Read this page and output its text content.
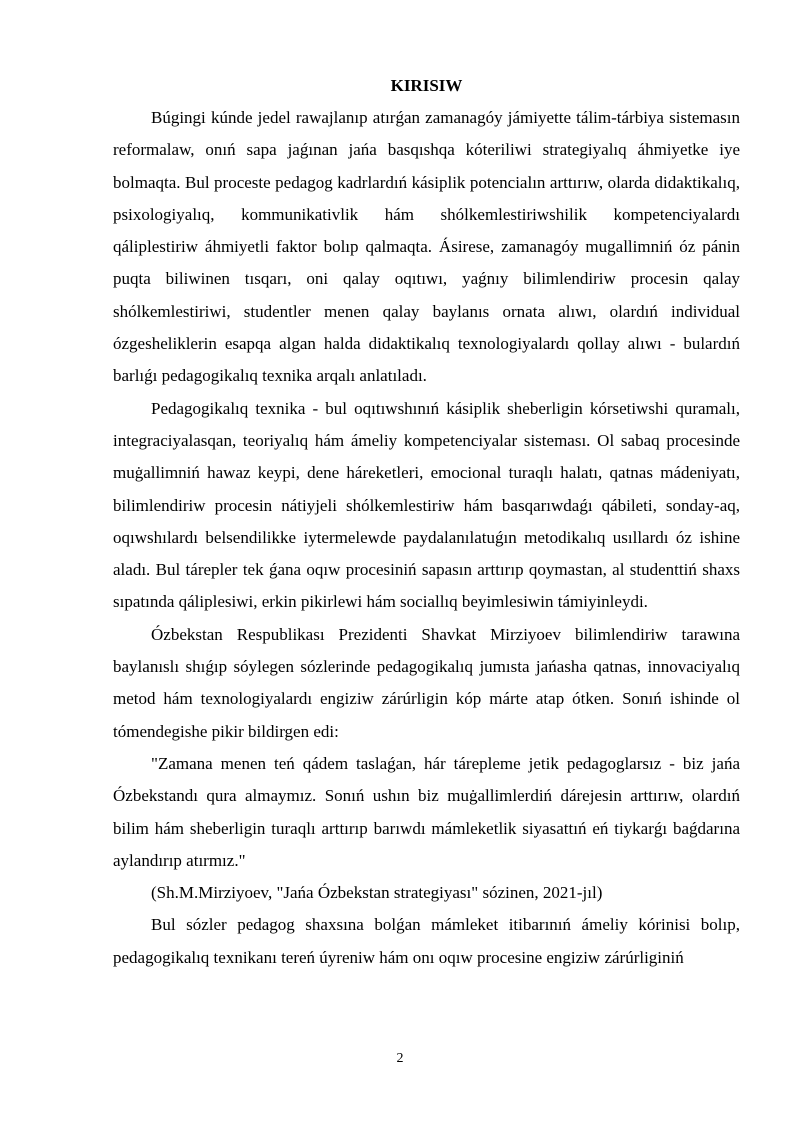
KIRISIW

Búgingi kúnde jedel rawajlanıp atırǵan zamanagóy jámiyette tálim-tárbiya sistemasın reformalaw, onıń sapa jaǵınan jańa basqıshqa kóteriliwi strategiyalıq áhmiyetke iye bolmaqta. Bul proceste pedagog kadrlardıń kásiplik potencialın arttırıw, olarda didaktikalıq, psixologiyalıq, kommunikativlik hám shólkemlestiriwshilik kompetenciyalardı qáliplestiriw áhmiyetli faktor bolıp qalmaqta. Ásirese, zamanagóy mugallimniń óz pánin puqta biliwinen tısqarı, oni qalay oqıtıwı, yaǵnıy bilimlendiriw procesin qalay shólkemlestiriwi, studentler menen qalay baylanıs ornata alıwı, olardıń individual ózgesheliklerin esapqa algan halda didaktikalıq texnologiyalardı qollay alıwı - bulardıń barlıǵı pedagogikalıq texnika arqalı anlatıladı.

Pedagogikalıq texnika - bul oqıtıwshınıń kásiplik sheberligin kórsetiwshi quramalı, integraciyalasqan, teoriyalıq hám ámeliy kompetenciyalar sisteması. Ol sabaq procesinde muġallimniń hawaz keypi, dene háreketleri, emocional turaqlı halatı, qatnas mádeniyatı, bilimlendiriw procesin nátiyjeli shólkemlestiriw hám basqarıwdaǵı qábileti, sonday-aq, oqıwshılardı belsendilikke iytermelewde paydalanılatuǵın metodikalıq usıllardı óz ishine aladı. Bul tárepler tek ǵana oqıw procesiniń sapasın arttırıp qoymastan, al studenttiń shaxs sıpatında qáliplesiwi, erkin pikirlewi hám sociallıq beyimlesiwin támiyinleydi.

Ózbekstan Respublikası Prezidenti Shavkat Mirziyoev bilimlendiriw tarawına baylanıslı shıǵıp sóylegen sózlerinde pedagogikalıq jumısta jańasha qatnas, innovaciyalıq metod hám texnologiyalardı engiziw zárúrligin kóp márte atap ótken. Sonıń ishinde ol tómendegishe pikir bildirgen edi:

"Zamana menen teń qádem taslaǵan, hár tárepleme jetik pedagoglarsız - biz jańa Ózbekstandı qura almaymız. Sonıń ushın biz muġallimlerdiń dárejesin arttırıw, olardıń bilim hám sheberligin turaqlı arttırıp barıwdı mámleketlik siyasattıń eń tiykarǵı baǵdarına aylandırıp atırmız."

(Sh.M.Mirziyoev, "Jańa Ózbekstan strategiyası" sózinen, 2021-jıl)

Bul sózler pedagog shaxsına bolǵan mámleket itibarınıń ámeliy kórinisi bolıp, pedagogikalıq texnikanı tereń úyreniw hám onı oqıw procesine engiziw zárúrliginiń

2
